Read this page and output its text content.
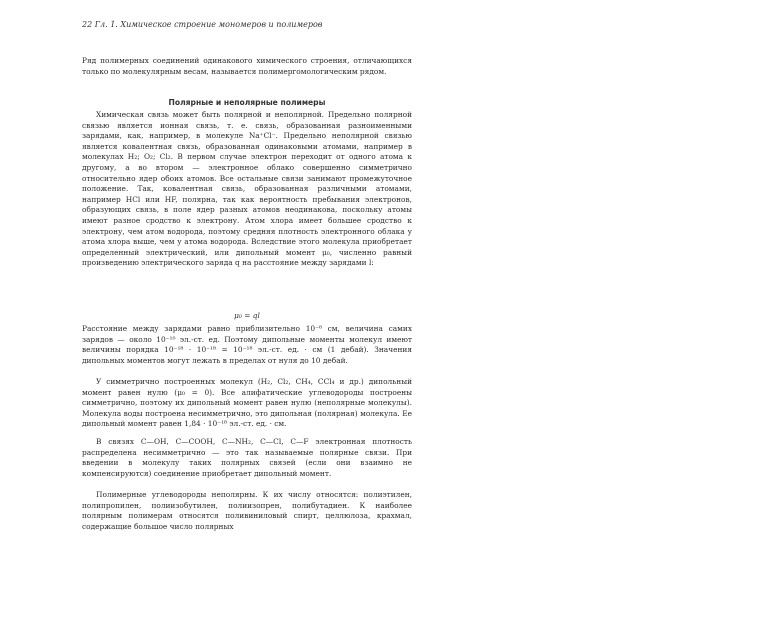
22 Гл. 1. Химическое строение мономеров и полимеров

Ряд полимерных соединений одинакового химического строения, отличающихся только по молекулярным весам, называется полимергомологическим рядом.

Полярные и неполярные полимеры

Химическая связь может быть полярной и неполярной. Предельно полярной связью является ионная связь, т. е. связь, образованная разноименными зарядами, как, например, в молекуле Na⁺Cl⁻. Предельно неполярной связью является ковалентная связь, образованная одинаковыми атомами, например в молекулах H₂; O₂; Cl₂. В первом случае электрон переходит от одного атома к другому, а во втором — электронное облако совершенно симметрично относительно ядер обоих атомов. Все остальные связи занимают промежуточное положение. Так, ковалентная связь, образованная различными атомами, например HCl или HF, полярна, так как вероятность пребывания электронов, образующих связь, в поле ядер разных атомов неодинакова, поскольку атомы имеют разное сродство к электрону. Атом хлора имеет большее сродство к электрону, чем атом водорода, поэтому средняя плотность электронного облака у атома хлора выше, чем у атома водорода. Вследствие этого молекула приобретает определенный электрический, или дипольный момент μ₀, численно равный произведению электрического заряда q на расстояние между зарядами l:

μ₀ = ql

Расстояние между зарядами равно приблизительно 10⁻⁸ см, величина самих зарядов — около 10⁻¹⁰ эл.-ст. ед. Поэтому дипольные моменты молекул имеют величины порядка 10⁻¹⁸ · 10⁻¹⁸ = 10⁻¹⁸ эл.-ст. ед. · см (1 дебай). Значения дипольных моментов могут лежать в пределах от нуля до 10 дебай.

У симметрично построенных молекул (H₂, Cl₂, CH₄, CCl₄ и др.) дипольный момент равен нулю (μ₀ = 0). Все алифатические углеводороды построены симметрично, поэтому их дипольный момент равен нулю (неполярные молекулы). Молекула воды построена несимметрично, это дипольная (полярная) молекула. Ее дипольный момент равен 1,84 · 10⁻¹⁸ эл.-ст. ед. · см.

В связях C—OH, C—COOH, C—NH₂, C—Cl, C—F электронная плотность распределена несимметрично — это так называемые полярные связи. При введении в молекулу таких полярных связей (если они взаимно не компенсируются) соединение приобретает дипольный момент.

Полимерные углеводороды неполярны. К их числу относятся: полиэтилен, полипропилен, полиизобутилен, полиизопрен, полибутадиен. К наиболее полярным полимерам относятся поливиниловый спирт, целлюлоза, крахмал, содержащие большое число полярных
